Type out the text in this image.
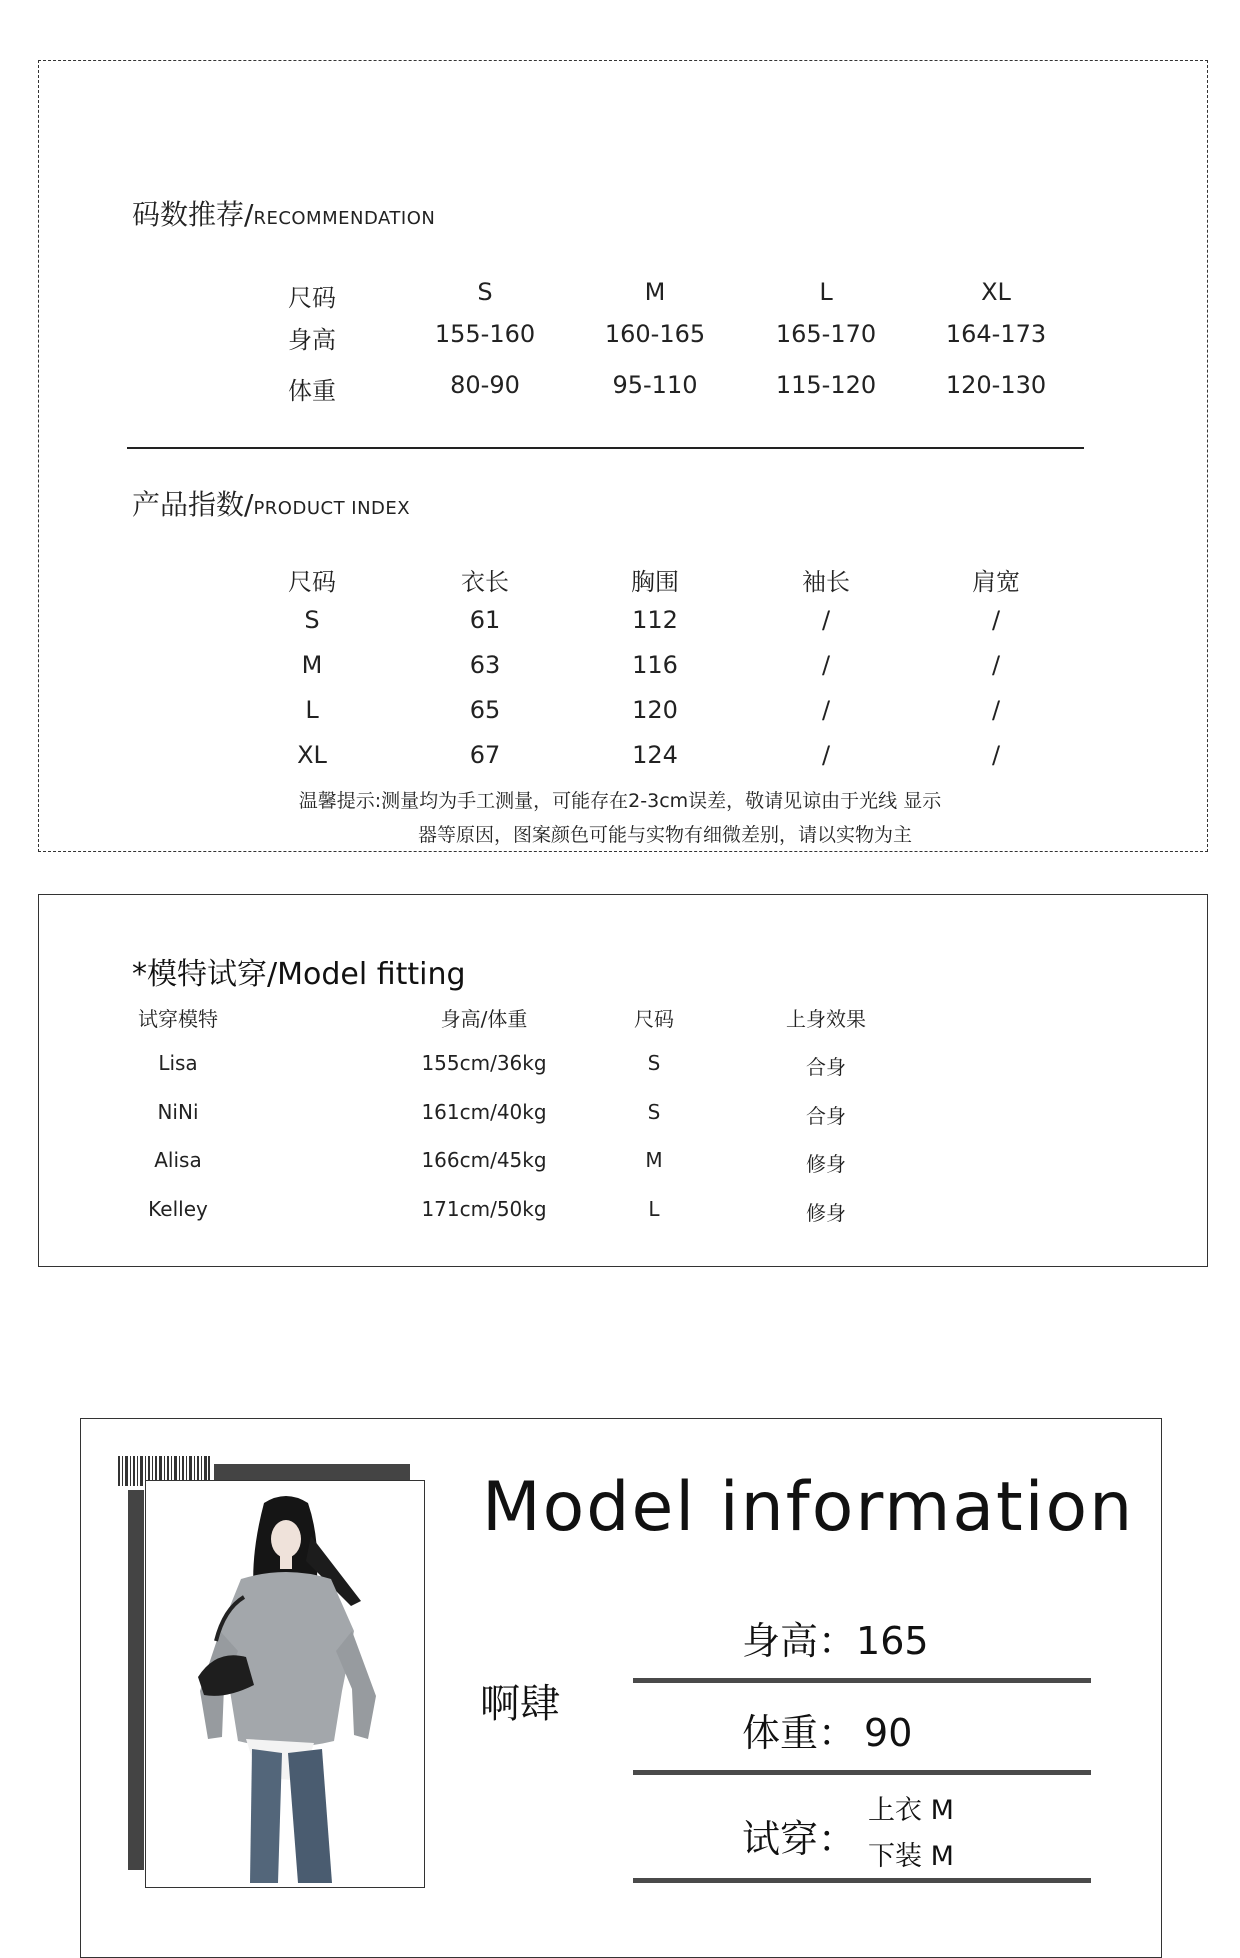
码数推荐/RECOMMENDATION
尺码	S	M	L	XL
身高	155-160	160-165	165-170	164-173
体重	80-90	95-110	115-120	120-130
产品指数/PRODUCT INDEX
尺码	衣长	胸围	袖长	肩宽
S	61	112	/	/
M	63	116	/	/
L	65	120	/	/
XL	67	124	/	/
温馨提示:测量均为手工测量，可能存在2-3cm误差，敬请见谅由于光线 显示
器等原因，图案颜色可能与实物有细微差别，请以实物为主
*模特试穿/Model fitting
试穿模特	身高/体重	尺码	上身效果
Lisa	155cm/36kg	S	合身
NiNi	161cm/40kg	S	合身
Alisa	166cm/45kg	M	修身
Kelley	171cm/50kg	L	修身
Model information
啊肆
身高：165
体重： 90
试穿：
上衣 M
下装 M
